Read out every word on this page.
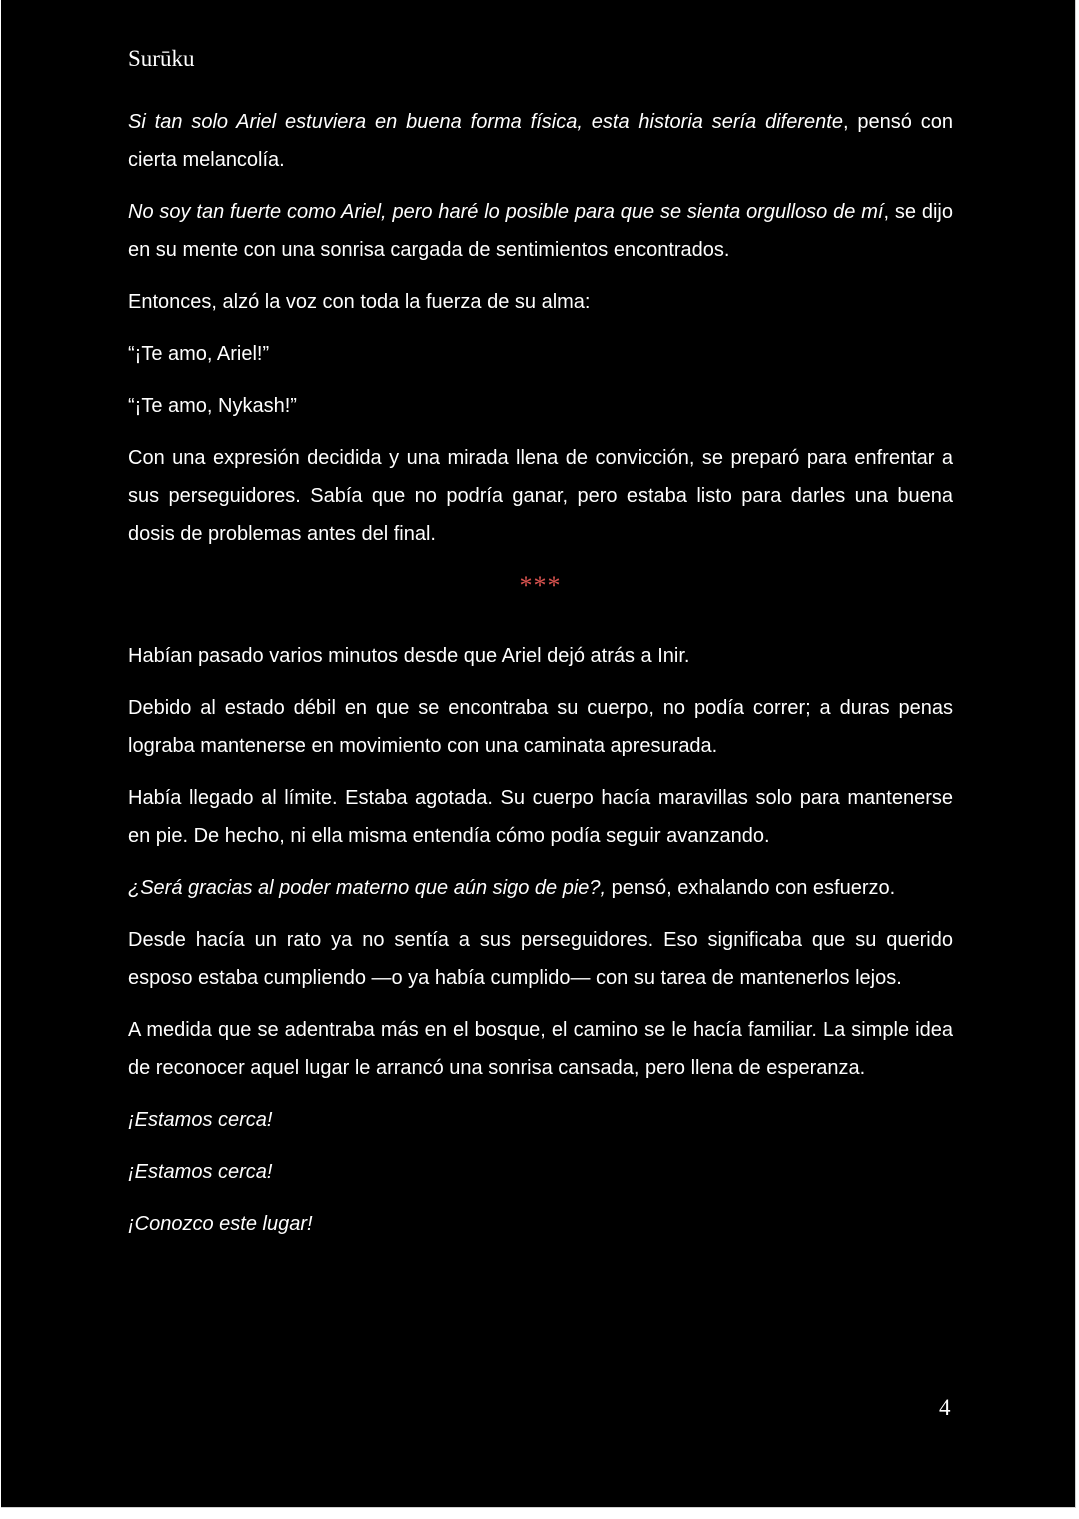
Surūku

Si tan solo Ariel estuviera en buena forma física, esta historia sería diferente, pensó con cierta melancolía.

No soy tan fuerte como Ariel, pero haré lo posible para que se sienta orgulloso de mí, se dijo en su mente con una sonrisa cargada de sentimientos encontrados.

Entonces, alzó la voz con toda la fuerza de su alma:

“¡Te amo, Ariel!”

“¡Te amo, Nykash!”

Con una expresión decidida y una mirada llena de convicción, se preparó para enfrentar a sus perseguidores. Sabía que no podría ganar, pero estaba listo para darles una buena dosis de problemas antes del final.

***

Habían pasado varios minutos desde que Ariel dejó atrás a Inir.

Debido al estado débil en que se encontraba su cuerpo, no podía correr; a duras penas lograba mantenerse en movimiento con una caminata apresurada.

Había llegado al límite. Estaba agotada. Su cuerpo hacía maravillas solo para mantenerse en pie. De hecho, ni ella misma entendía cómo podía seguir avanzando.

¿Será gracias al poder materno que aún sigo de pie?, pensó, exhalando con esfuerzo.

Desde hacía un rato ya no sentía a sus perseguidores. Eso significaba que su querido esposo estaba cumpliendo —o ya había cumplido— con su tarea de mantenerlos lejos.

A medida que se adentraba más en el bosque, el camino se le hacía familiar. La simple idea de reconocer aquel lugar le arrancó una sonrisa cansada, pero llena de esperanza.

¡Estamos cerca!

¡Estamos cerca!

¡Conozco este lugar!

4
